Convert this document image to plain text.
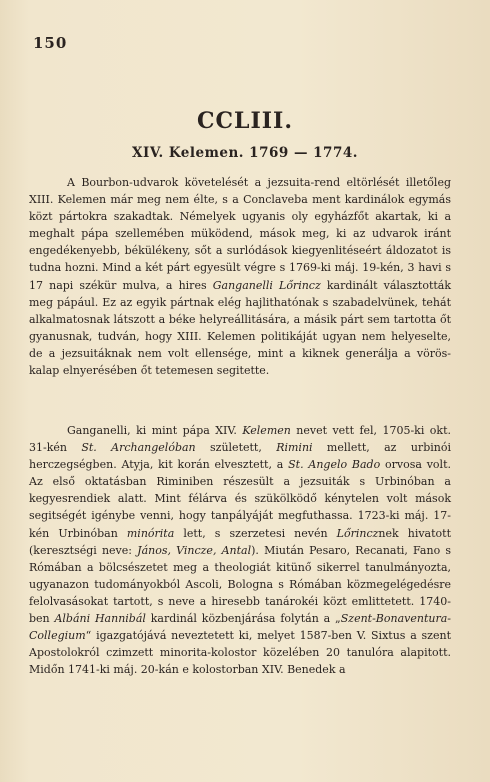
150
CCLIII.
XIV. Kelemen. 1769 — 1774.
A Bourbon-udvarok követelését a jezsuita-rend eltörlését illetőleg XIII. Kelemen már meg nem élte, s a Conclaveba ment kardinálok egymás közt pártokra szakadtak. Némelyek ugyanis oly egyházfőt akartak, ki a meghalt pápa szellemében müködend, mások meg, ki az udvarok iránt engedékenyebb, békülékeny, sőt a surlódások kiegyenlitéseért áldozatot is tudna hozni. Mind a két párt egyesült végre s 1769-ki máj. 19-kén, 3 havi s 17 napi székür mulva, a hires Ganganelli Lőrincz kardinált választották meg pápául. Ez az egyik pártnak elég hajlithatónak s szabadelvünek, tehát alkalmatosnak látszott a béke helyreállitására, a másik párt sem tartotta őt gyanusnak, tudván, hogy XIII. Kelemen politikáját ugyan nem helyeselte, de a jezsuitáknak nem volt ellensége, mint a kiknek generálja a vörös-kalap elnyerésében őt tetemesen segitette.
Ganganelli, ki mint pápa XIV. Kelemen nevet vett fel, 1705-ki okt. 31-kén St. Archangelóban született, Rimini mellett, az urbinói herczegségben. Atyja, kit korán elvesztett, a St. Angelo Bado orvosa volt. Az első oktatásban Riminiben részesült a jezsuiták s Urbinóban a kegyesrendiek alatt. Mint félárva és szükölködő kénytelen volt mások segitségét igénybe venni, hogy tanpályáját megfuthassa. 1723-ki máj. 17-kén Urbinóban minórita lett, s szerzetesi nevén Lőrincznek hivatott (keresztségi neve: János, Vincze, Antal). Miután Pesaro, Recanati, Fano s Rómában a bölcsészetet meg a theologiát kitünő sikerrel tanulmányozta, ugyanazon tudományokból Ascoli, Bologna s Rómában közmegelégedésre felolvasásokat tartott, s neve a hiresebb tanárokéi közt emlittetett. 1740-ben Albáni Hannibál kardinál közbenjárása folytán a „Szent-Bonaventura-Collegium“ igazgatójává neveztetett ki, melyet 1587-ben V. Sixtus a szent Apostolokról czimzett minorita-kolostor közelében 20 tanulóra alapitott. Midőn 1741-ki máj. 20-kán e kolostorban XIV. Benedek a
